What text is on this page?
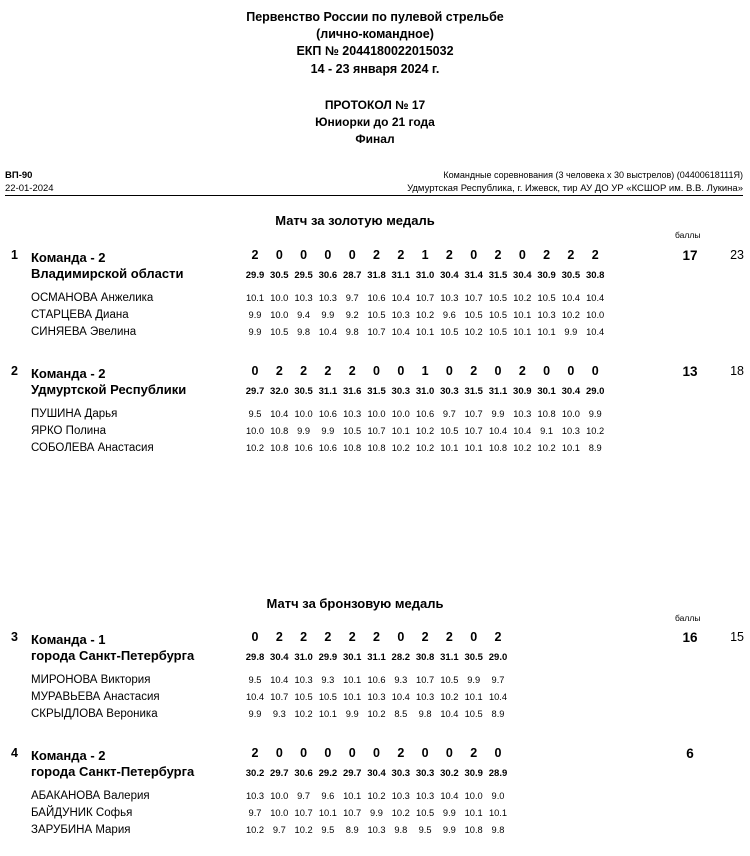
Первенство России по пулевой стрельбе
(лично-командное)
ЕКП № 2044180022015032
14 - 23 января 2024 г.
ПРОТОКОЛ № 17
Юниорки до 21 года
Финал
ВП-90
22-01-2024
Командные соревнования (3 человека х 30 выстрелов) (04400618111Я)
Удмуртская Республика, г. Ижевск, тир АУ ДО УР «КСШОР им. В.В. Лукина»
Матч за золотую медаль
баллы
1 Команда - 2
Владимирской области
2	0	0	0	0	2	2	1	2	0	2	0	2	2	2
29.9 30.5 29.5 30.6 28.7 31.8 31.1 31.0 30.4 31.4 31.5 30.4 30.9 30.5 30.8
17	23
ОСМАНОВА Анжелика	10.1 10.0 10.3 10.3 9.7 10.6 10.4 10.7 10.3 10.7 10.5 10.2 10.5 10.4 10.4
СТАРЦЕВА Диана	9.9 10.0 9.4	9.9	9.2 10.5 10.3 10.2 9.6 10.5 10.5 10.1 10.3 10.2 10.0
СИНЯЕВА Эвелина	9.9 10.5 9.8 10.4 9.8 10.7 10.4 10.1 10.5 10.2 10.5 10.1 10.1 9.9 10.4
2 Команда - 2
Удмуртской Республики
0	2	2	2	2	0	0	1	0	2	0	2	0	0	0
29.7 32.0 30.5 31.1 31.6 31.5 30.3 31.0 30.3 31.5 31.1 30.9 30.1 30.4 29.0
13	18
ПУШИНА Дарья	9.5 10.4 10.0 10.6 10.3 10.0 10.0 10.6 9.7 10.7 9.9 10.3 10.8 10.0 9.9
ЯРКО Полина	10.0 10.8 9.9	9.9 10.5 10.7 10.1 10.2 10.5 10.7 10.4 10.4 9.1 10.3 10.2
СОБОЛЕВА Анастасия	10.2 10.8 10.6 10.6 10.8 10.8 10.2 10.2 10.1 10.1 10.8 10.2 10.2 10.1 8.9
Матч за бронзовую медаль
баллы
3 Команда - 1
города Санкт-Петербурга
0	2	2	2	2	2	0	2	2	0	2
29.8 30.4 31.0 29.9 30.1 31.1 28.2 30.8 31.1 30.5 29.0
16	15
МИРОНОВА Виктория	9.5 10.4 10.3 9.3 10.1 10.6 9.3 10.7 10.5 9.9	9.7
МУРАВЬЕВА Анастасия	10.4 10.7 10.5 10.5 10.1 10.3 10.4 10.3 10.2 10.1 10.4
СКРЫДЛОВА Вероника	9.9	9.3 10.2 10.1 9.9 10.2 8.5	9.8 10.4 10.5 8.9
4 Команда - 2
города Санкт-Петербурга
2	0	0	0	0	0	2	0	0	2	0
30.2 29.7 30.6 29.2 29.7 30.4 30.3 30.3 30.2 30.9 28.9
6
АБАКАНОВА Валерия	10.3 10.0 9.7	9.6 10.1 10.2 10.3 10.3 10.4 10.0 9.0
БАЙДУНИК Софья	9.7 10.0 10.7 10.1 10.7 9.9 10.2 10.5 9.9 10.1 10.1
ЗАРУБИНА Мария	10.2 9.7 10.2 9.5	8.9 10.3 9.8	9.5	9.9 10.8 9.8
